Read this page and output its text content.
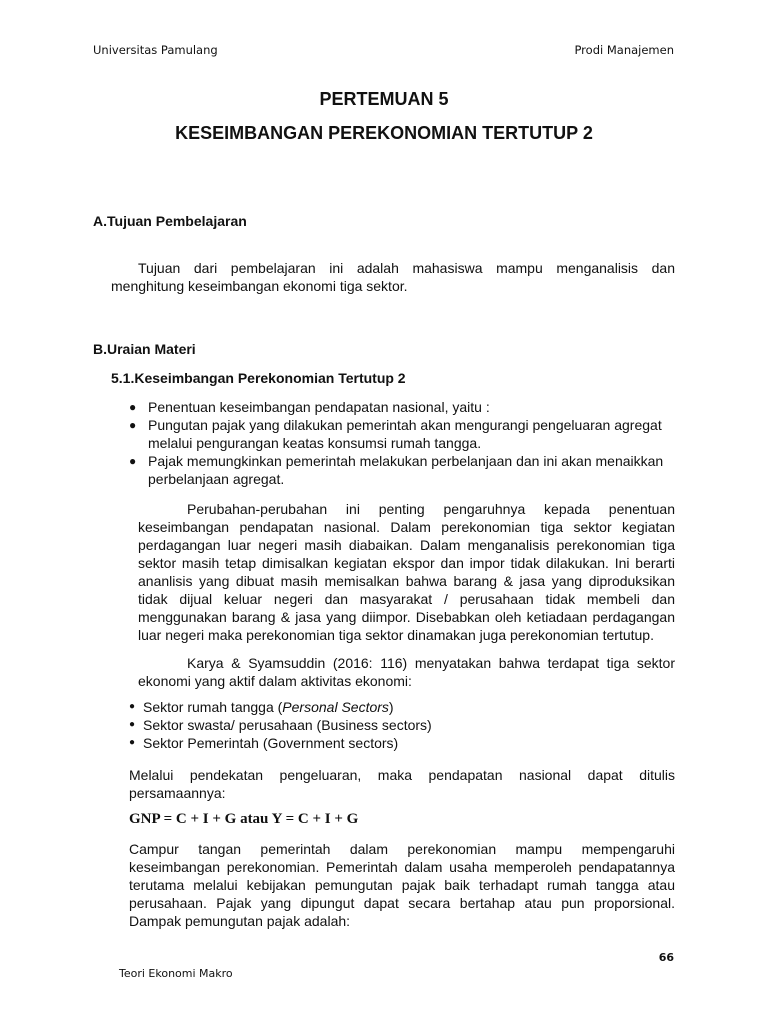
Universitas Pamulang	Prodi Manajemen
PERTEMUAN 5
KESEIMBANGAN PEREKONOMIAN TERTUTUP 2
A.Tujuan Pembelajaran
Tujuan dari pembelajaran ini adalah mahasiswa mampu menganalisis dan
menghitung keseimbangan ekonomi tiga sektor.
B.Uraian Materi
5.1.Keseimbangan Perekonomian Tertutup 2
● Penentuan keseimbangan pendapatan nasional, yaitu :
● Pungutan pajak yang dilakukan pemerintah akan mengurangi pengeluaran agregat
melalui pengurangan keatas konsumsi rumah tangga.
● Pajak memungkinkan pemerintah melakukan perbelanjaan dan ini akan menaikkan
perbelanjaan agregat.
Perubahan-perubahan ini penting pengaruhnya kepada penentuan
keseimbangan pendapatan nasional. Dalam perekonomian tiga sektor kegiatan
perdagangan luar negeri masih diabaikan. Dalam menganalisis perekonomian tiga
sektor masih tetap dimisalkan kegiatan ekspor dan impor tidak dilakukan. Ini berarti
ananlisis yang dibuat masih memisalkan bahwa barang & jasa yang diproduksikan
tidak dijual keluar negeri dan masyarakat / perusahaan tidak membeli dan
menggunakan barang & jasa yang diimpor. Disebabkan oleh ketiadaan perdagangan
luar negeri maka perekonomian tiga sektor dinamakan juga perekonomian tertutup.
Karya & Syamsuddin (2016: 116) menyatakan bahwa terdapat tiga sektor
ekonomi yang aktif dalam aktivitas ekonomi:
● Sektor rumah tangga (Personal Sectors)
● Sektor swasta/ perusahaan (Business sectors)
● Sektor Pemerintah (Government sectors)
Melalui pendekatan pengeluaran, maka pendapatan nasional dapat ditulis
persamaannya:
GNP = C + I + G atau Y = C + I + G
Campur tangan pemerintah dalam perekonomian mampu mempengaruhi
keseimbangan perekonomian. Pemerintah dalam usaha memperoleh pendapatannya
terutama melalui kebijakan pemungutan pajak baik terhadapt rumah tangga atau
perusahaan. Pajak yang dipungut dapat secara bertahap atau pun proporsional.
Dampak pemungutan pajak adalah:
66
Teori Ekonomi Makro
